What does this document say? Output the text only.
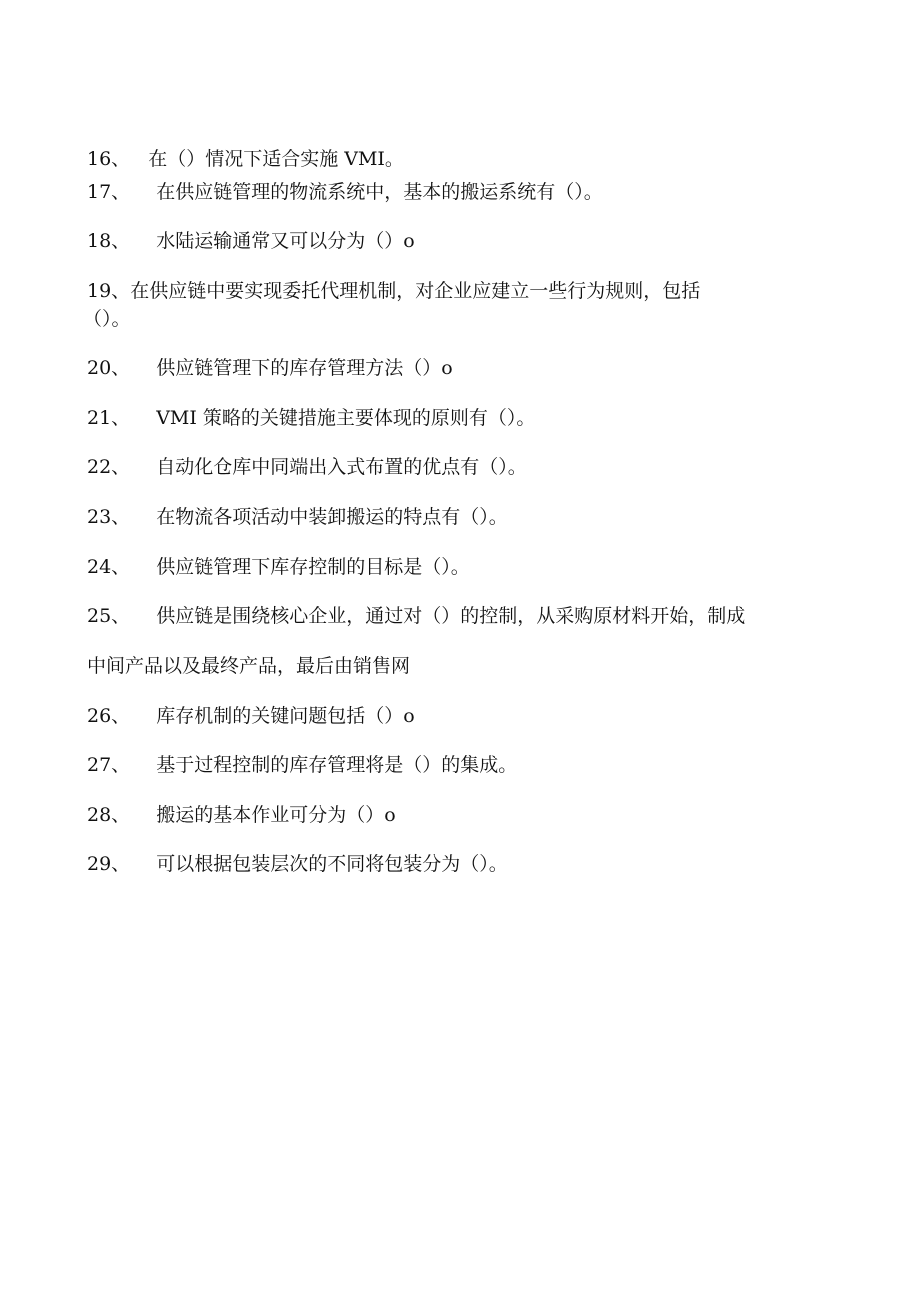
16、 在（）情况下适合实施 VMI。
17、 在供应链管理的物流系统中，基本的搬运系统有（）。
18、 水陆运输通常又可以分为（）o
19、在供应链中要实现委托代理机制，对企业应建立一些行为规则，包括
（）。
20、 供应链管理下的库存管理方法（）o
21、 VMI 策略的关键措施主要体现的原则有（）。
22、 自动化仓库中同端出入式布置的优点有（）。
23、 在物流各项活动中装卸搬运的特点有（）。
24、 供应链管理下库存控制的目标是（）。
25、 供应链是围绕核心企业，通过对（）的控制，从采购原材料开始，制成
中间产品以及最终产品，最后由销售网
26、 库存机制的关键问题包括（）o
27、 基于过程控制的库存管理将是（）的集成。
28、 搬运的基本作业可分为（）o
29、 可以根据包装层次的不同将包装分为（）。
